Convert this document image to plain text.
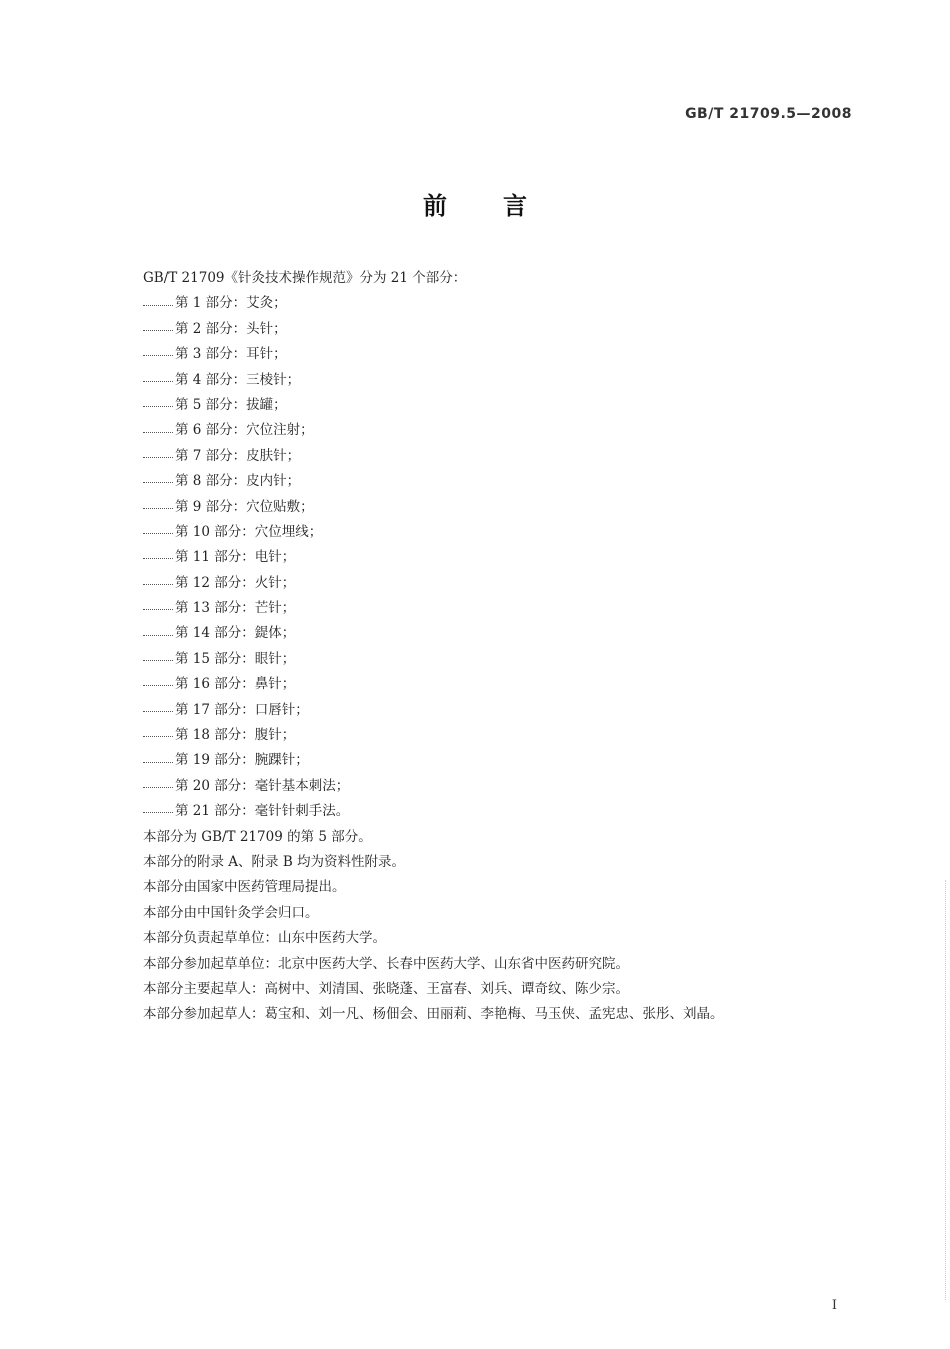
GB/T 21709.5—2008
前 言
GB/T 21709《针灸技术操作规范》分为 21 个部分：
第 1 部分：艾灸；
第 2 部分：头针；
第 3 部分：耳针；
第 4 部分：三棱针；
第 5 部分：拔罐；
第 6 部分：穴位注射；
第 7 部分：皮肤针；
第 8 部分：皮内针；
第 9 部分：穴位贴敷；
第 10 部分：穴位埋线；
第 11 部分：电针；
第 12 部分：火针；
第 13 部分：芒针；
第 14 部分：鍉体；
第 15 部分：眼针；
第 16 部分：鼻针；
第 17 部分：口唇针；
第 18 部分：腹针；
第 19 部分：腕踝针；
第 20 部分：毫针基本刺法；
第 21 部分：毫针针刺手法。
本部分为 GB/T 21709 的第 5 部分。
本部分的附录 A、附录 B 均为资料性附录。
本部分由国家中医药管理局提出。
本部分由中国针灸学会归口。
本部分负责起草单位：山东中医药大学。
本部分参加起草单位：北京中医药大学、长春中医药大学、山东省中医药研究院。
本部分主要起草人：高树中、刘清国、张晓蓬、王富春、刘兵、谭奇纹、陈少宗。
本部分参加起草人：葛宝和、刘一凡、杨佃会、田丽莉、李艳梅、马玉侠、孟宪忠、张彤、刘晶。
I
